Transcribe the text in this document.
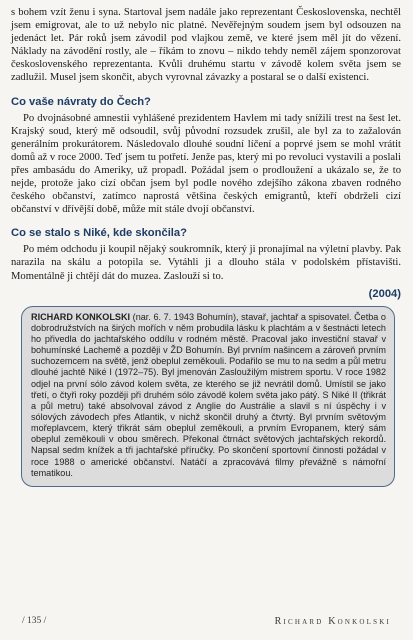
s bohem vzít ženu i syna. Startoval jsem nadále jako reprezentant Československa, nechtěl jsem emigrovat, ale to už nebylo nic platné. Nevěřejným soudem jsem byl odsouzen na jedenáct let. Pár roků jsem závodil pod vlajkou země, ve které jsem měl jít do vězení. Náklady na závodění rostly, ale – říkám to znovu – nikdo tehdy neměl zájem sponzorovat československého reprezentanta. Kvůli druhému startu v závodě kolem světa jsem se zadlužil. Musel jsem skončit, abych vyrovnal závazky a postaral se o další existenci.

Co vaše návraty do Čech?

Po dvojnásobné amnestii vyhlášené prezidentem Havlem mi tady snížili trest na šest let. Krajský soud, který mě odsoudil, svůj původní rozsudek zrušil, ale byl za to zažalován generálním prokurátorem. Následovalo dlouhé soudní líčení a poprvé jsem se mohl vrátit domů až v roce 2000. Teď jsem tu potřetí. Jenže pas, který mi po revoluci vystavili a poslali přes ambasádu do Ameriky, už propadl. Požádal jsem o prodloužení a ukázalo se, že to nejde, protože jako cizí občan jsem byl podle nového zdejšího zákona zbaven rodného českého občanství, zatímco naprostá většina českých emigrantů, kteří obdrželi cizí občanství v dřívější době, může mít stále dvojí občanství.

Co se stalo s Niké, kde skončila?

Po mém odchodu ji koupil nějaký soukromník, který ji pronajímal na výletní plavby. Pak narazila na skálu a potopila se. Vytáhli ji a dlouho stála v podolském přístavišti. Momentálně ji chtějí dát do muzea. Zaslouží si to.

(2004)

RICHARD KONKOLSKI (nar. 6. 7. 1943 Bohumín), stavař, jachtař a spisovatel. Četba o dobrodružstvích na širých mořích v něm probudila lásku k plachtám a v šestnácti letech ho přivedla do jachtařského oddílu v rodném městě. Pracoval jako investiční stavař v bohumínské Lachemě a později v ŽD Bohumín. Byl prvním našincem a zároveň prvním suchozemcem na světě, jenž obeplul zeměkouli. Podařilo se mu to na sedm a půl metru dlouhé jachtě Niké I (1972–75). Byl jmenován Zasloužilým mistrem sportu. V roce 1982 odjel na první sólo závod kolem světa, ze kterého se již nevrátil domů. Umístil se jako třetí, o čtyři roky později při druhém sólo závodě kolem světa jako pátý. S Niké II (třikrát a půl metru) také absolvoval závod z Anglie do Austrálie a slavil s ní úspěchy i v sólových závodech přes Atlantik, v nichž skončil druhý a čtvrtý. Byl prvním světovým mořeplavcem, který třikrát sám obeplul zeměkouli, a prvním Evropanem, který sám obeplul zeměkouli v obou směrech. Překonal čtrnáct světových jachtařských rekordů. Napsal sedm knížek a tři jachtařské příručky. Po skončení sportovní činnosti požádal v roce 1988 o americké občanství. Natáčí a zpracovává filmy převážně s námořní tematikou.

/ 135 /	Richard Konkolski
